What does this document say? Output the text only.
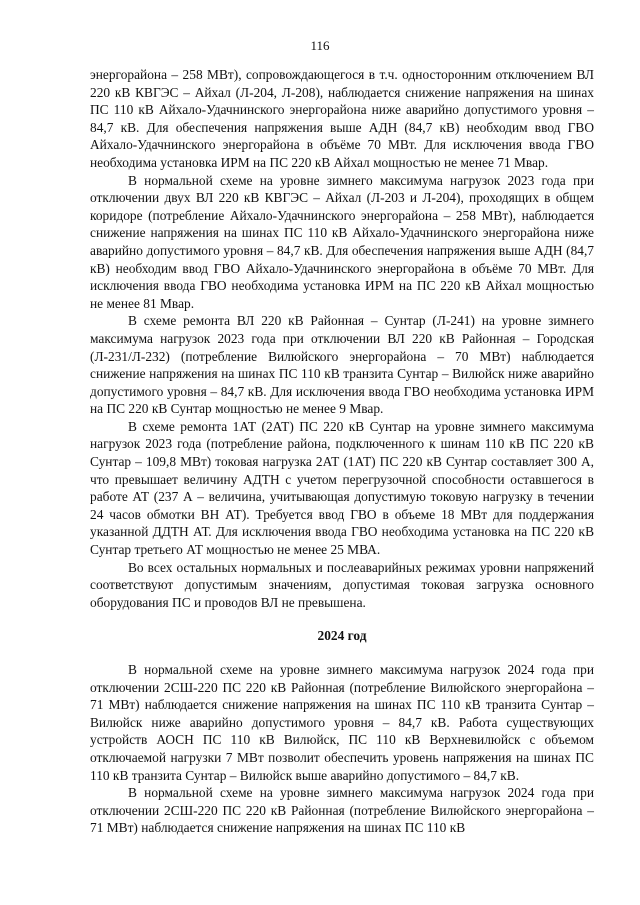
116

энергорайона – 258 МВт), сопровождающегося в т.ч. односторонним отключением ВЛ 220 кВ КВГЭС – Айхал (Л-204, Л-208), наблюдается снижение напряжения на шинах ПС 110 кВ Айхало-Удачнинского энергорайона ниже аварийно допустимого уровня – 84,7 кВ. Для обеспечения напряжения выше АДН (84,7 кВ) необходим ввод ГВО Айхало-Удачнинского энергорайона в объёме 70 МВт. Для исключения ввода ГВО необходима установка ИРМ на ПС 220 кВ Айхал мощностью не менее 71 Мвар.

В нормальной схеме на уровне зимнего максимума нагрузок 2023 года при отключении двух ВЛ 220 кВ КВГЭС – Айхал (Л-203 и Л-204), проходящих в общем коридоре (потребление Айхало-Удачнинского энергорайона – 258 МВт), наблюдается снижение напряжения на шинах ПС 110 кВ Айхало-Удачнинского энергорайона ниже аварийно допустимого уровня – 84,7 кВ. Для обеспечения напряжения выше АДН (84,7 кВ) необходим ввод ГВО Айхало-Удачнинского энергорайона в объёме 70 МВт. Для исключения ввода ГВО необходима установка ИРМ на ПС 220 кВ Айхал мощностью не менее 81 Мвар.

В схеме ремонта ВЛ 220 кВ Районная – Сунтар (Л-241) на уровне зимнего максимума нагрузок 2023 года при отключении ВЛ 220 кВ Районная – Городская (Л-231/Л-232) (потребление Вилюйского энергорайона – 70 МВт) наблюдается снижение напряжения на шинах ПС 110 кВ транзита Сунтар – Вилюйск ниже аварийно допустимого уровня – 84,7 кВ. Для исключения ввода ГВО необходима установка ИРМ на ПС 220 кВ Сунтар мощностью не менее 9 Мвар.

В схеме ремонта 1АТ (2АТ) ПС 220 кВ Сунтар на уровне зимнего максимума нагрузок 2023 года (потребление района, подключенного к шинам 110 кВ ПС 220 кВ Сунтар – 109,8 МВт) токовая нагрузка 2АТ (1АТ) ПС 220 кВ Сунтар составляет 300 А, что превышает величину АДТН с учетом перегрузочной способности оставшегося в работе АТ (237 А – величина, учитывающая допустимую токовую нагрузку в течении 24 часов обмотки ВН АТ). Требуется ввод ГВО в объеме 18 МВт для поддержания указанной ДДТН АТ. Для исключения ввода ГВО необходима установка на ПС 220 кВ Сунтар третьего АТ мощностью не менее 25 МВА.

Во всех остальных нормальных и послеаварийных режимах уровни напряжений соответствуют допустимым значениям, допустимая токовая загрузка основного оборудования ПС и проводов ВЛ не превышена.

2024 год

В нормальной схеме на уровне зимнего максимума нагрузок 2024 года при отключении 2СШ-220 ПС 220 кВ Районная (потребление Вилюйского энергорайона – 71 МВт) наблюдается снижение напряжения на шинах ПС 110 кВ транзита Сунтар – Вилюйск ниже аварийно допустимого уровня – 84,7 кВ. Работа существующих устройств АОСН ПС 110 кВ Вилюйск, ПС 110 кВ Верхневилюйск с объемом отключаемой нагрузки 7 МВт позволит обеспечить уровень напряжения на шинах ПС 110 кВ транзита Сунтар – Вилюйск выше аварийно допустимого – 84,7 кВ.

В нормальной схеме на уровне зимнего максимума нагрузок 2024 года при отключении 2СШ-220 ПС 220 кВ Районная (потребление Вилюйского энергорайона – 71 МВт) наблюдается снижение напряжения на шинах ПС 110 кВ
